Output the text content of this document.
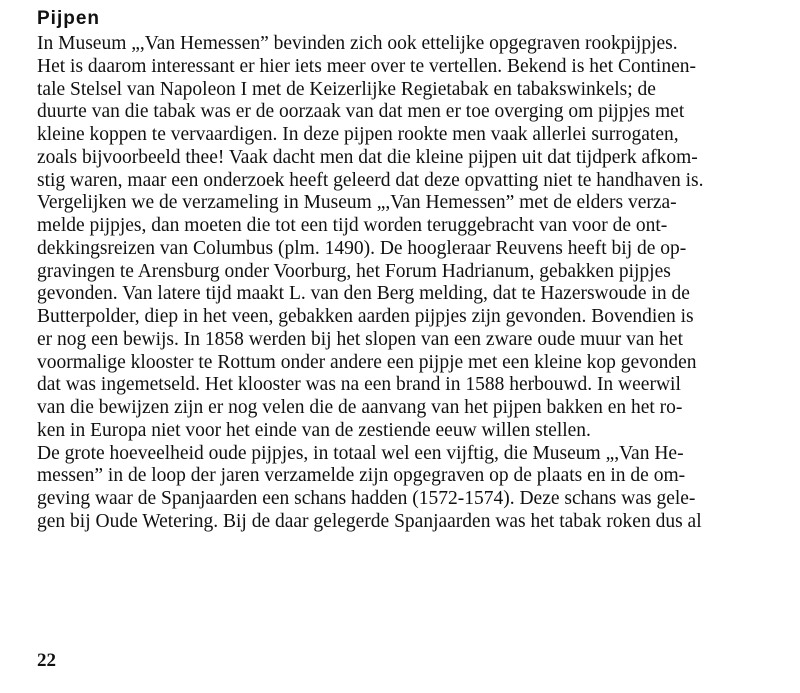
Pijpen
In Museum „,Van Hemessen” bevinden zich ook ettelijke opgegraven rookpijpjes.
Het is daarom interessant er hier iets meer over te vertellen. Bekend is het Continen-
tale Stelsel van Napoleon I met de Keizerlijke Regietabak en tabakswinkels; de
duurte van die tabak was er de oorzaak van dat men er toe overging om pijpjes met
kleine koppen te vervaardigen. In deze pijpen rookte men vaak allerlei surrogaten,
zoals bijvoorbeeld thee! Vaak dacht men dat die kleine pijpen uit dat tijdperk afkom-
stig waren, maar een onderzoek heeft geleerd dat deze opvatting niet te handhaven is.
Vergelijken we de verzameling in Museum „,Van Hemessen” met de elders verza-
melde pijpjes, dan moeten die tot een tijd worden teruggebracht van voor de ont-
dekkingsreizen van Columbus (plm. 1490). De hoogleraar Reuvens heeft bij de op-
gravingen te Arensburg onder Voorburg, het Forum Hadrianum, gebakken pijpjes
gevonden. Van latere tijd maakt L. van den Berg melding, dat te Hazerswoude in de
Butterpolder, diep in het veen, gebakken aarden pijpjes zijn gevonden. Bovendien is
er nog een bewijs. In 1858 werden bij het slopen van een zware oude muur van het
voormalige klooster te Rottum onder andere een pijpje met een kleine kop gevonden
dat was ingemetseld. Het klooster was na een brand in 1588 herbouwd. In weerwil
van die bewijzen zijn er nog velen die de aanvang van het pijpen bakken en het ro-
ken in Europa niet voor het einde van de zestiende eeuw willen stellen.
De grote hoeveelheid oude pijpjes, in totaal wel een vijftig, die Museum „,Van He-
messen” in de loop der jaren verzamelde zijn opgegraven op de plaats en in de om-
geving waar de Spanjaarden een schans hadden (1572-1574). Deze schans was gele-
gen bij Oude Wetering. Bij de daar gelegerde Spanjaarden was het tabak roken dus al

22
